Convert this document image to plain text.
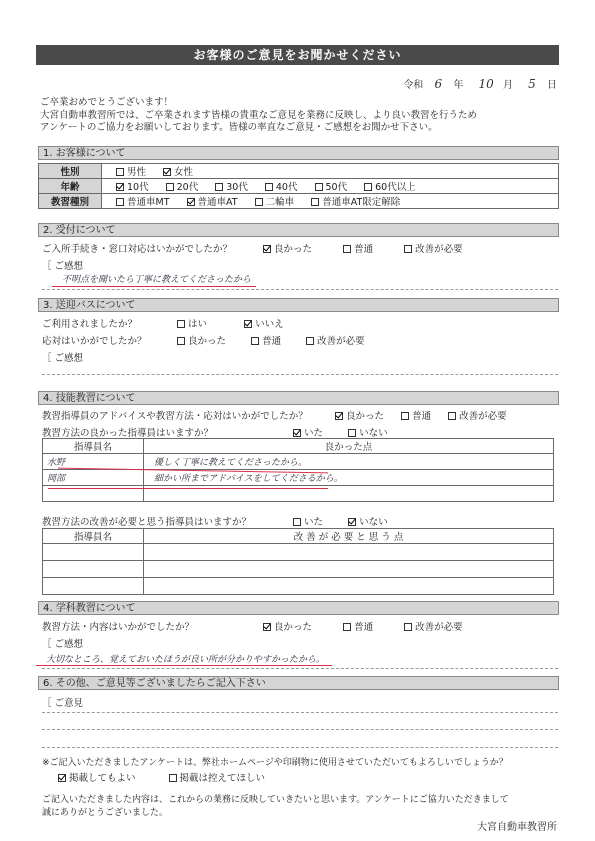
お客様のご意見をお聞かせください
令和 6 年 10 月 5 日
ご卒業おめでとうございます！
大宮自動車教習所では、ご卒業されます皆様の貴重なご意見を業務に反映し、より良い教習を行うため
アンケートのご協力をお願いしております。皆様の率直なご意見・ご感想をお聞かせ下さい。
1. お客様について
性別	男性 女性
年齢	10代 20代 30代 40代 50代 60代以上
教習種別	普通車MT 普通車AT 二輪車 普通車AT限定解除
2. 受付について
ご入所手続き・窓口対応はいかがでしたか？	良かった	普通	改善が必要
［ ご感想
不明点を聞いたら丁寧に教えてくださったから
3. 送迎バスについて
ご利用されましたか？	はい	いいえ
応対はいかがでしたか？	良かった	普通	改善が必要
［ ご感想
4. 技能教習について
教習指導員のアドバイスや教習方法・応対はいかがでしたか？	良かった	普通	改善が必要
教習方法の良かった指導員はいますか？	いた	いない
指導員名	良かった点
水野	優しく丁寧に教えてくださったから。
岡部	細かい所までアドバイスをしてくださるから。

教習方法の改善が必要と思う指導員はいますか？	いた	いない
指導員名	改 善 が 必 要 と 思 う 点

4. 学科教習について
教習方法・内容はいかがでしたか？	良かった	普通	改善が必要
［ ご感想
大切なところ、覚えておいたほうが良い所が分かりやすかったから。
6. その他、ご意見等ございましたらご記入下さい
［ ご意見
※ご記入いただきましたアンケートは、弊社ホームページや印刷物に使用させていただいてもよろしいでしょうか？
掲載してもよい	掲載は控えてほしい
ご記入いただきました内容は、これからの業務に反映していきたいと思います。アンケートにご協力いただきまして
誠にありがとうございました。
大宮自動車教習所
